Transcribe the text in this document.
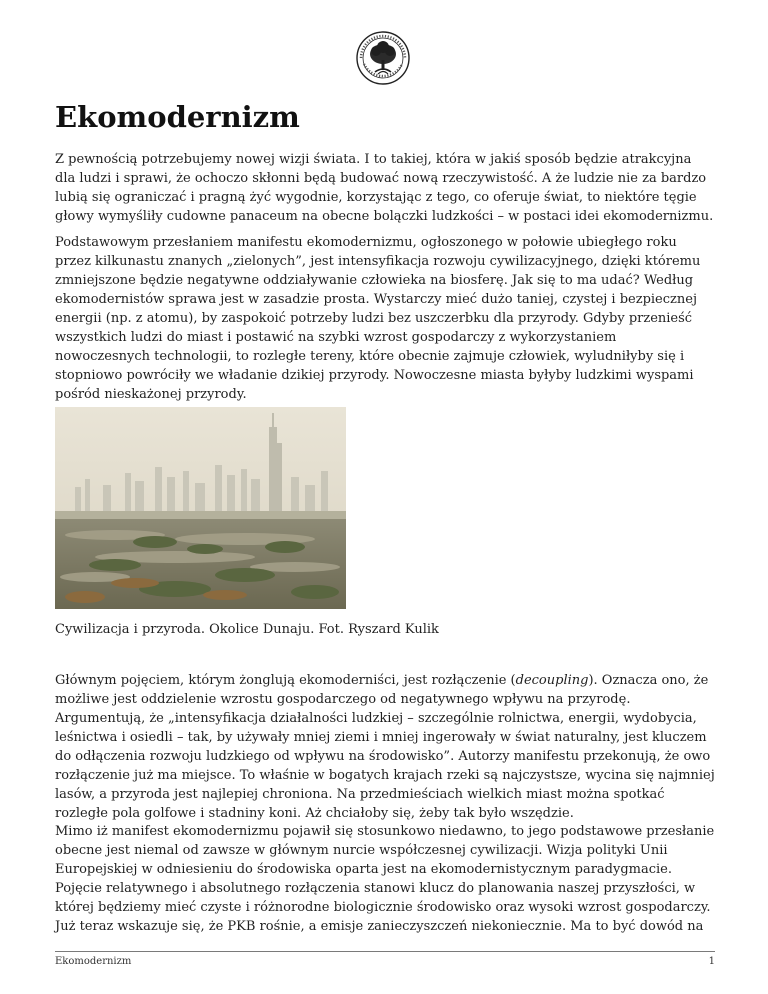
Ekomodernizm

Z pewnością potrzebujemy nowej wizji świata. I to takiej, która w jakiś sposób będzie atrakcyjna dla ludzi i sprawi, że ochoczo skłonni będą budować nową rzeczywistość. A że ludzie nie za bardzo lubią się ograniczać i pragną żyć wygodnie, korzystając z tego, co oferuje świat, to niektóre tęgie głowy wymyśliły cudowne panaceum na obecne bolączki ludzkości – w postaci idei ekomodernizmu.

Podstawowym przesłaniem manifestu ekomodernizmu, ogłoszonego w połowie ubiegłego roku przez kilkunastu znanych „zielonych”, jest intensyfikacja rozwoju cywilizacyjnego, dzięki któremu zmniejszone będzie negatywne oddziaływanie człowieka na biosferę. Jak się to ma udać? Według ekomodernistów sprawa jest w zasadzie prosta. Wystarczy mieć dużo taniej, czystej i bezpiecznej energii (np. z atomu), by zaspokoić potrzeby ludzi bez uszczerbku dla przyrody. Gdyby przenieść wszystkich ludzi do miast i postawić na szybki wzrost gospodarczy z wykorzystaniem nowoczesnych technologii, to rozległe tereny, które obecnie zajmuje człowiek, wyludniłyby się i stopniowo powróciły we władanie dzikiej przyrody. Nowoczesne miasta byłyby ludzkimi wyspami pośród nieskażonej przyrody.

Cywilizacja i przyroda. Okolice Dunaju. Fot. Ryszard Kulik

Głównym pojęciem, którym żonglują ekomoderniści, jest rozłączenie (decoupling). Oznacza ono, że możliwe jest oddzielenie wzrostu gospodarczego od negatywnego wpływu na przyrodę. Argumentują, że „intensyfikacja działalności ludzkiej – szczególnie rolnictwa, energii, wydobycia, leśnictwa i osiedli – tak, by używały mniej ziemi i mniej ingerowały w świat naturalny, jest kluczem do odłączenia rozwoju ludzkiego od wpływu na środowisko”. Autorzy manifestu przekonują, że owo rozłączenie już ma miejsce. To właśnie w bogatych krajach rzeki są najczystsze, wycina się najmniej lasów, a przyroda jest najlepiej chroniona. Na przedmieściach wielkich miast można spotkać rozległe pola golfowe i stadniny koni. Aż chciałoby się, żeby tak było wszędzie.

Mimo iż manifest ekomodernizmu pojawił się stosunkowo niedawno, to jego podstawowe przesłanie obecne jest niemal od zawsze w głównym nurcie współczesnej cywilizacji. Wizja polityki Unii Europejskiej w odniesieniu do środowiska oparta jest na ekomodernistycznym paradygmacie. Pojęcie relatywnego i absolutnego rozłączenia stanowi klucz do planowania naszej przyszłości, w której będziemy mieć czyste i różnorodne biologicznie środowisko oraz wysoki wzrost gospodarczy. Już teraz wskazuje się, że PKB rośnie, a emisje zanieczyszczeń niekoniecznie. Ma to być dowód na

Ekomodernizm	1
